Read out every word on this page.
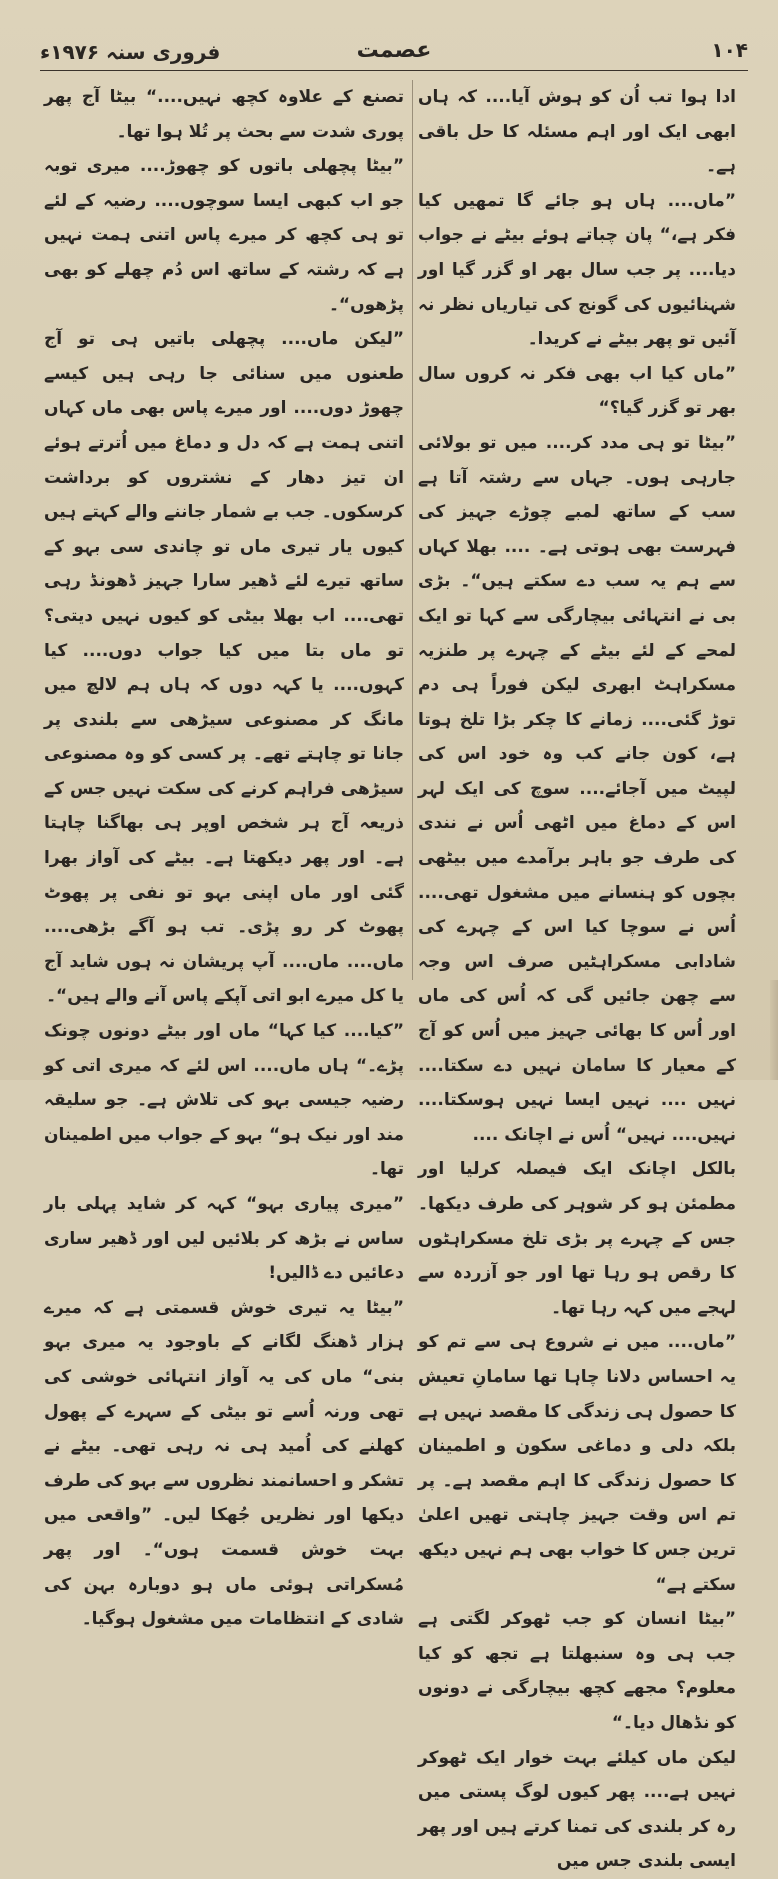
۱۰۴
عصمت
فروری سنہ ۱۹۷۶ء

ادا ہوا تب اُن کو ہوش آیا.... کہ ہاں ابھی ایک اور اہم مسئلہ کا حل باقی ہے۔

”ماں.... ہاں ہو جائے گا تمھیں کیا فکر ہے،“ پان چباتے ہوئے بیٹے نے جواب دیا.... پر جب سال بھر او گزر گیا اور شہنائیوں کی گونج کی تیاریاں نظر نہ آئیں تو پھر بیٹے نے کریدا۔

”ماں کیا اب بھی فکر نہ کروں سال بھر تو گزر گیا؟“

”بیٹا تو ہی مدد کر.... میں تو بولائی جارہی ہوں۔ جہاں سے رشتہ آتا ہے سب کے ساتھ لمبے چوڑے جہیز کی فہرست بھی ہوتی ہے۔ .... بھلا کہاں سے ہم یہ سب دے سکتے ہیں“۔ بڑی بی نے انتہائی بیچارگی سے کہا تو ایک لمحے کے لئے بیٹے کے چہرے پر طنزیہ مسکراہٹ ابھری لیکن فوراً ہی دم توڑ گئی.... زمانے کا چکر بڑا تلخ ہوتا ہے، کون جانے کب وہ خود اس کی لپیٹ میں آجائے.... سوچ کی ایک لہر اس کے دماغ میں اٹھی اُس نے نندی کی طرف جو باہر برآمدے میں بیٹھی بچوں کو ہنسانے میں مشغول تھی.... اُس نے سوچا کیا اس کے چہرے کی شادابی مسکراہٹیں صرف اس وجہ سے چھن جائیں گی کہ اُس کی ماں اور اُس کا بھائی جہیز میں اُس کو آج کے معیار کا سامان نہیں دے سکتا.... نہیں .... نہیں ایسا نہیں ہوسکتا.... نہیں.... نہیں“ اُس نے اچانک ....

بالکل اچانک ایک فیصلہ کرلیا اور مطمئن ہو کر شوہر کی طرف دیکھا۔ جس کے چہرے پر بڑی تلخ مسکراہٹوں کا رقص ہو رہا تھا اور جو آزردہ سے لہجے میں کہہ رہا تھا۔

”ماں.... میں نے شروع ہی سے تم کو یہ احساس دلانا چاہا تھا سامانِ تعیش کا حصول ہی زندگی کا مقصد نہیں ہے بلکہ دلی و دماغی سکون و اطمینان کا حصول زندگی کا اہم مقصد ہے۔ پر تم اس وقت جہیز چاہتی تھیں اعلیٰ ترین جس کا خواب بھی ہم نہیں دیکھ سکتے ہے“

”بیٹا انسان کو جب ٹھوکر لگتی ہے جب ہی وہ سنبھلتا ہے تجھ کو کیا معلوم؟ مجھے کچھ بیچارگی نے دونوں کو نڈھال دیا۔“

لیکن ماں کیلئے بہت خوار ایک ٹھوکر نہیں ہے.... پھر کیوں لوگ پستی میں رہ کر بلندی کی تمنا کرتے ہیں اور پھر ایسی بلندی جس میں

تصنع کے علاوہ کچھ نہیں....“ بیٹا آج پھر پوری شدت سے بحث پر تُلا ہوا تھا۔

”بیٹا پچھلی باتوں کو چھوڑ.... میری توبہ جو اب کبھی ایسا سوچوں.... رضیہ کے لئے تو ہی کچھ کر میرے پاس اتنی ہمت نہیں ہے کہ رشتہ کے ساتھ اس دُم چھلے کو بھی پڑھوں“۔

”لیکن ماں.... پچھلی باتیں ہی تو آج طعنوں میں سنائی جا رہی ہیں کیسے چھوڑ دوں.... اور میرے پاس بھی ماں کہاں اتنی ہمت ہے کہ دل و دماغ میں اُترتے ہوئے ان تیز دھار کے نشتروں کو برداشت کرسکوں۔ جب بے شمار جاننے والے کہتے ہیں کیوں یار تیری ماں تو چاندی سی بہو کے ساتھ تیرے لئے ڈھیر سارا جہیز ڈھونڈ رہی تھی.... اب بھلا بیٹی کو کیوں نہیں دیتی؟ تو ماں بتا میں کیا جواب دوں.... کیا کہوں.... یا کہہ دوں کہ ہاں ہم لالچ میں مانگ کر مصنوعی سیڑھی سے بلندی پر جانا تو چاہتے تھے۔ پر کسی کو وہ مصنوعی سیڑھی فراہم کرنے کی سکت نہیں جس کے ذریعہ آج ہر شخص اوپر ہی بھاگنا چاہتا ہے۔ اور پھر دیکھتا ہے۔ بیٹے کی آواز بھرا گئی اور ماں اپنی بہو تو نفی پر پھوٹ پھوٹ کر رو پڑی۔ تب ہو آگے بڑھی.... ماں.... ماں.... آپ پریشان نہ ہوں شاید آج یا کل میرے ابو اتی آپکے پاس آنے والے ہیں“۔

”کیا.... کیا کہا“ ماں اور بیٹے دونوں چونک پڑے۔“ ہاں ماں.... اس لئے کہ میری اتی کو رضیہ جیسی بہو کی تلاش ہے۔ جو سلیقہ مند اور نیک ہو“ بہو کے جواب میں اطمینان تھا۔

”میری پیاری بہو“ کہہ کر شاید پہلی بار ساس نے بڑھ کر بلائیں لیں اور ڈھیر ساری دعائیں دے ڈالیں!

”بیٹا یہ تیری خوش قسمتی ہے کہ میرے ہزار ڈھنگ لگانے کے باوجود یہ میری بہو بنی“ ماں کی یہ آواز انتہائی خوشی کی تھی ورنہ اُسے تو بیٹی کے سہرے کے پھول کھلنے کی اُمید ہی نہ رہی تھی۔ بیٹے نے تشکر و احسانمند نظروں سے بہو کی طرف دیکھا اور نظریں جُھکا لیں۔ ”واقعی میں بہت خوش قسمت ہوں“۔ اور پھر مُسکراتی ہوئی ماں ہو دوبارہ بہن کی شادی کے انتظامات میں مشغول ہوگیا۔
